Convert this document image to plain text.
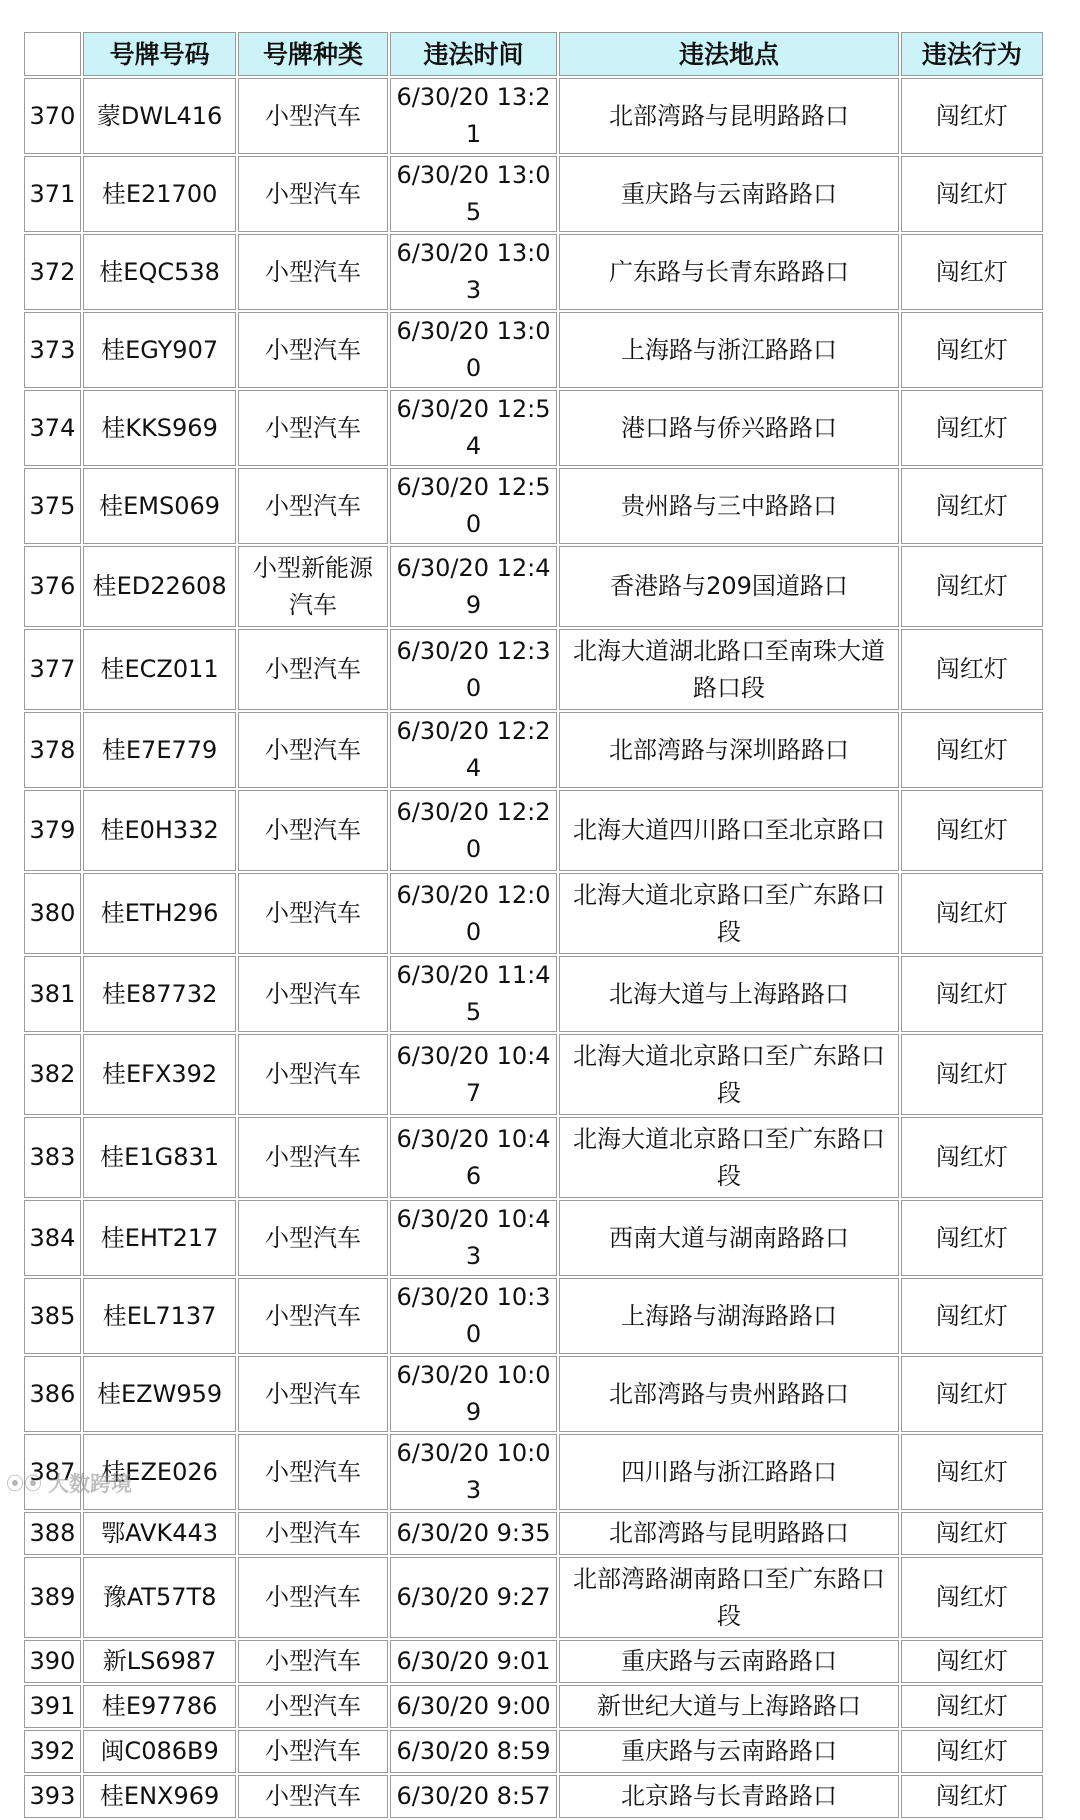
	号牌号码	号牌种类	违法时间	违法地点	违法行为
370	蒙DWL416	小型汽车	6/30/20 13:21	北部湾路与昆明路路口	闯红灯
371	桂E21700	小型汽车	6/30/20 13:05	重庆路与云南路路口	闯红灯
372	桂EQC538	小型汽车	6/30/20 13:03	广东路与长青东路路口	闯红灯
373	桂EGY907	小型汽车	6/30/20 13:00	上海路与浙江路路口	闯红灯
374	桂KKS969	小型汽车	6/30/20 12:54	港口路与侨兴路路口	闯红灯
375	桂EMS069	小型汽车	6/30/20 12:50	贵州路与三中路路口	闯红灯
376	桂ED22608	小型新能源汽车	6/30/20 12:49	香港路与209国道路口	闯红灯
377	桂ECZ011	小型汽车	6/30/20 12:30	北海大道湖北路口至南珠大道路口段	闯红灯
378	桂E7E779	小型汽车	6/30/20 12:24	北部湾路与深圳路路口	闯红灯
379	桂E0H332	小型汽车	6/30/20 12:20	北海大道四川路口至北京路口	闯红灯
380	桂ETH296	小型汽车	6/30/20 12:00	北海大道北京路口至广东路口段	闯红灯
381	桂E87732	小型汽车	6/30/20 11:45	北海大道与上海路路口	闯红灯
382	桂EFX392	小型汽车	6/30/20 10:47	北海大道北京路口至广东路口段	闯红灯
383	桂E1G831	小型汽车	6/30/20 10:46	北海大道北京路口至广东路口段	闯红灯
384	桂EHT217	小型汽车	6/30/20 10:43	西南大道与湖南路路口	闯红灯
385	桂EL7137	小型汽车	6/30/20 10:30	上海路与湖海路路口	闯红灯
386	桂EZW959	小型汽车	6/30/20 10:09	北部湾路与贵州路路口	闯红灯
387	桂EZE026	小型汽车	6/30/20 10:03	四川路与浙江路路口	闯红灯
388	鄂AVK443	小型汽车	6/30/20 9:35	北部湾路与昆明路路口	闯红灯
389	豫AT57T8	小型汽车	6/30/20 9:27	北部湾路湖南路口至广东路口段	闯红灯
390	新LS6987	小型汽车	6/30/20 9:01	重庆路与云南路路口	闯红灯
391	桂E97786	小型汽车	6/30/20 9:00	新世纪大道与上海路路口	闯红灯
392	闽C086B9	小型汽车	6/30/20 8:59	重庆路与云南路路口	闯红灯
393	桂ENX969	小型汽车	6/30/20 8:57	北京路与长青路路口	闯红灯
⦿⦿ 大数跨境
